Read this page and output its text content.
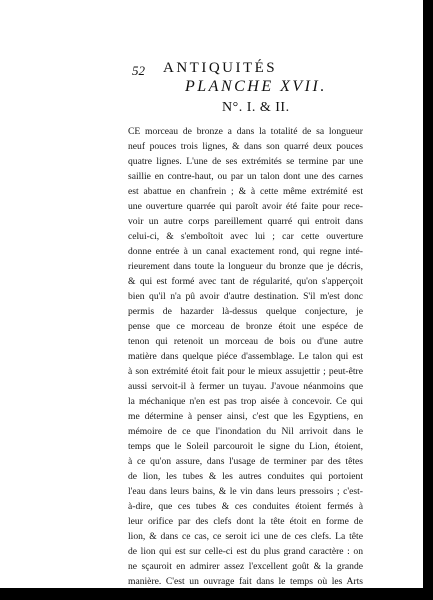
52 ANTIQUITÉS
PLANCHE XVII.
N°. I. & II.
CE morceau de bronze a dans la totalité de sa longueur
neuf pouces trois lignes, & dans son quarré deux pouces
quatre lignes. L'une de ses extrémités se termine par une
saillie en contre-haut, ou par un talon dont une des carnes
est abattue en chanfrein ; & à cette même extrémité est
une ouverture quarrée qui paroît avoir été faite pour rece-
voir un autre corps pareillement quarré qui entroit dans
celui-ci, & s'emboîtoit avec lui ; car cette ouverture
donne entrée à un canal exactement rond, qui regne inté-
rieurement dans toute la longueur du bronze que je décris,
& qui est formé avec tant de régularité, qu'on s'apperçoit
bien qu'il n'a pû avoir d'autre destination. S'il m'est donc
permis de hazarder là-dessus quelque conjecture, je
pense que ce morceau de bronze étoit une espéce de
tenon qui retenoit un morceau de bois ou d'une autre
matière dans quelque piéce d'assemblage. Le talon qui est
à son extrémité étoit fait pour le mieux assujettir ; peut-être
aussi servoit-il à fermer un tuyau. J'avoue néanmoins que
la méchanique n'en est pas trop aisée à concevoir. Ce qui
me détermine à penser ainsi, c'est que les Egyptiens, en
mémoire de ce que l'inondation du Nil arrivoit dans le
temps que le Soleil parcouroit le signe du Lion, étoient,
à ce qu'on assure, dans l'usage de terminer par des têtes
de lion, les tubes & les autres conduites qui portoient
l'eau dans leurs bains, & le vin dans leurs pressoirs ; c'est-
à-dire, que ces tubes & ces conduites étoient fermés à
leur orifice par des clefs dont la tête étoit en forme de
lion, & dans ce cas, ce seroit ici une de ces clefs. La tête
de lion qui est sur celle-ci est du plus grand caractère : on
ne sçauroit en admirer assez l'excellent goût & la grande
manière. C'est un ouvrage fait dans le temps où les Arts
